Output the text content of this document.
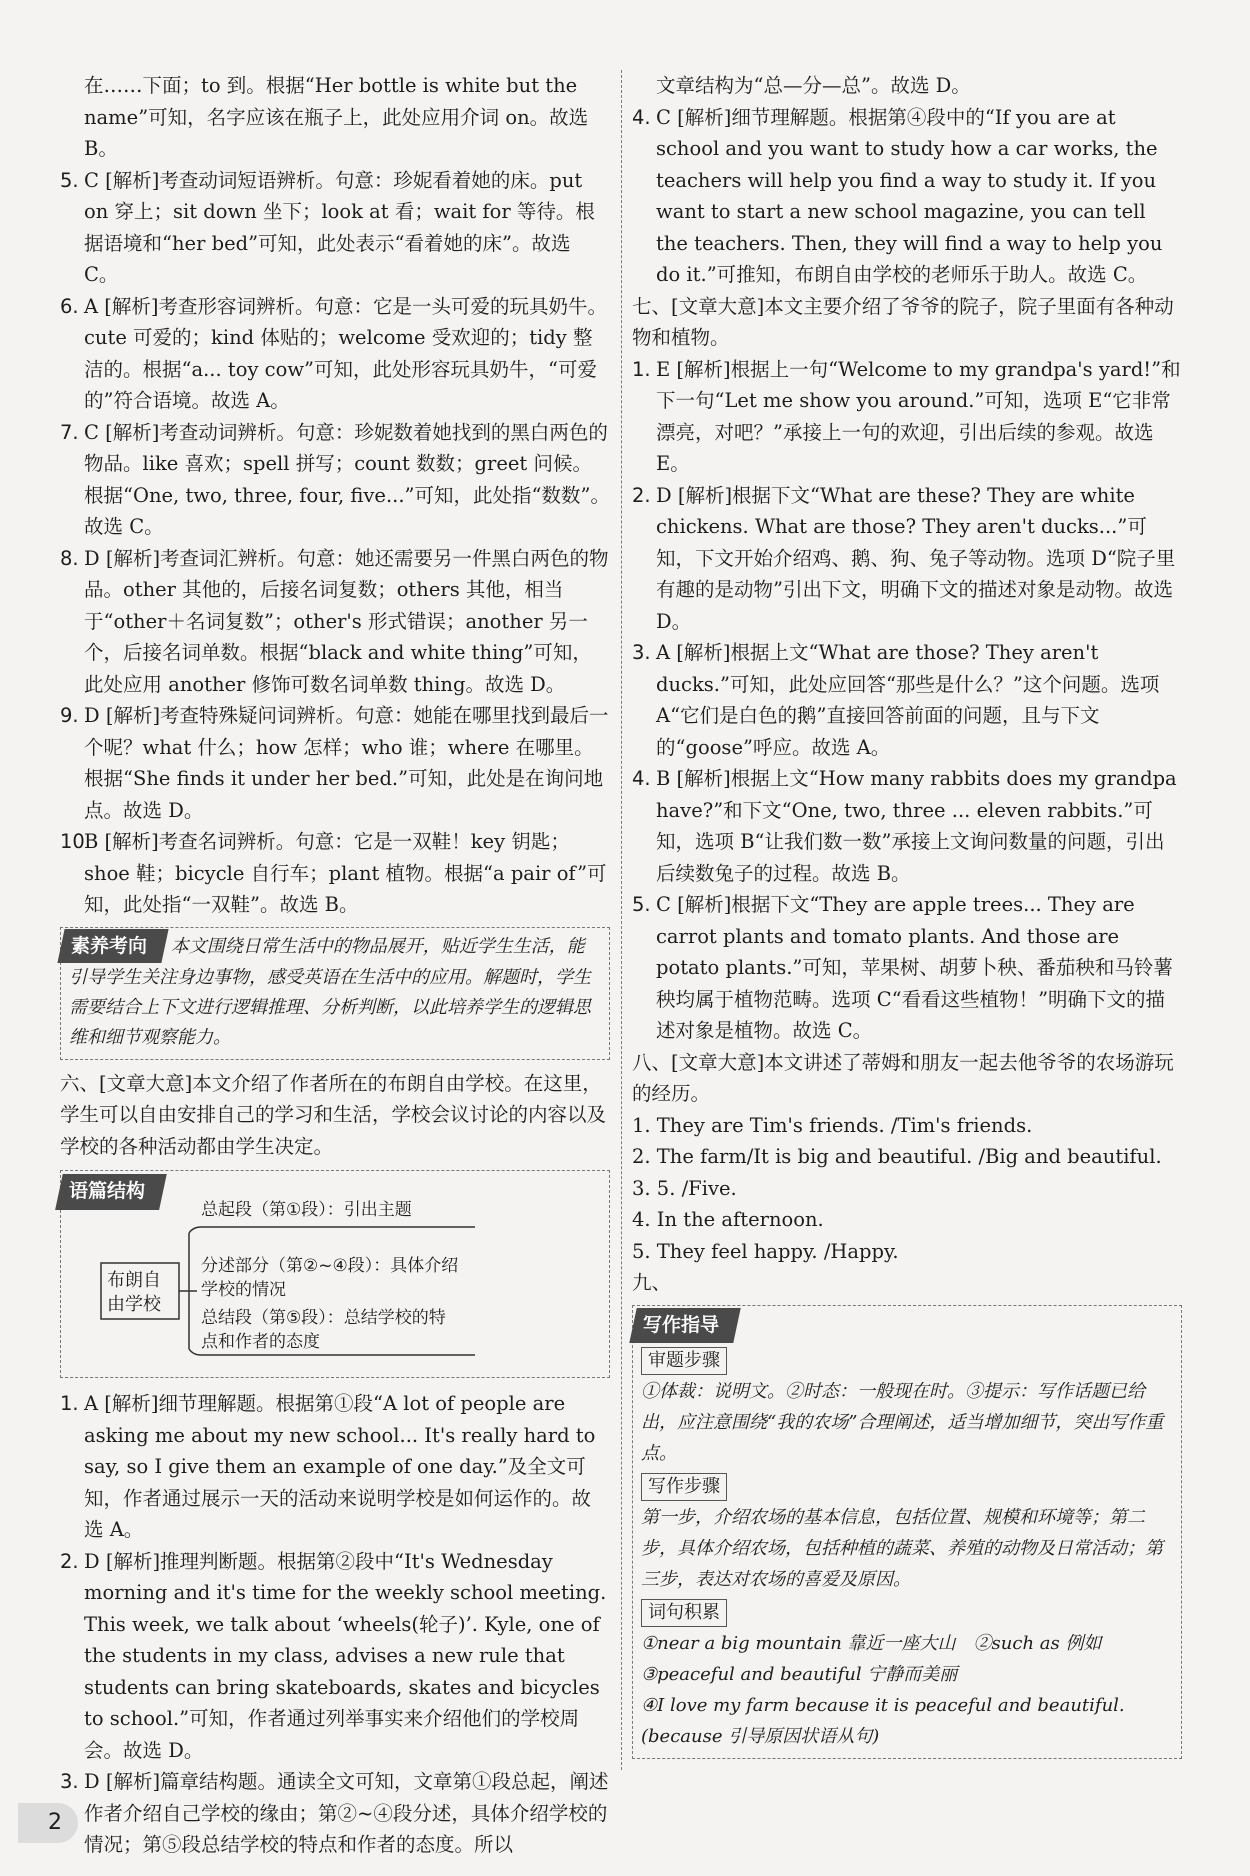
在……下面；to 到。根据“Her bottle is white but the name”可知，名字应该在瓶子上，此处应用介词 on。故选 B。

5. C [解析]考查动词短语辨析。句意：珍妮看着她的床。put on 穿上；sit down 坐下；look at 看；wait for 等待。根据语境和“her bed”可知，此处表示“看着她的床”。故选 C。
6. A [解析]考查形容词辨析。句意：它是一头可爱的玩具奶牛。cute 可爱的；kind 体贴的；welcome 受欢迎的；tidy 整洁的。根据“a... toy cow”可知，此处形容玩具奶牛，“可爱的”符合语境。故选 A。
7. C [解析]考查动词辨析。句意：珍妮数着她找到的黑白两色的物品。like 喜欢；spell 拼写；count 数数；greet 问候。根据“One, two, three, four, five...”可知，此处指“数数”。故选 C。
8. D [解析]考查词汇辨析。句意：她还需要另一件黑白两色的物品。other 其他的，后接名词复数；others 其他，相当于“other＋名词复数”；other's 形式错误；another 另一个，后接名词单数。根据“black and white thing”可知，此处应用 another 修饰可数名词单数 thing。故选 D。
9. D [解析]考查特殊疑问词辨析。句意：她能在哪里找到最后一个呢？what 什么；how 怎样；who 谁；where 在哪里。根据“She finds it under her bed.”可知，此处是在询问地点。故选 D。
10.
B [解析]考查名词辨析。句意：它是一双鞋！key 钥匙；shoe 鞋；bicycle 自行车；plant 植物。根据“a pair of”可知，此处指“一双鞋”。故选 B。
素养考向 本文围绕日常生活中的物品展开，贴近学生生活，能引导学生关注身边事物，感受英语在生活中的应用。解题时，学生需要结合上下文进行逻辑推理、分析判断，以此培养学生的逻辑思维和细节观察能力。

六、[文章大意]本文介绍了作者所在的布朗自由学校。在这里，学生可以自由安排自己的学习和生活，学校会议讨论的内容以及学校的各种活动都由学生决定。

语篇结构
布朗自
由学校
总起段（第①段）：引出主题
分述部分（第②~④段）：具体介绍
学校的情况
总结段（第⑤段）：总结学校的特
点和作者的态度
1. A [解析]细节理解题。根据第①段“A lot of people are asking me about my new school... It's really hard to say, so I give them an example of one day.”及全文可知，作者通过展示一天的活动来说明学校是如何运作的。故选 A。
2. D [解析]推理判断题。根据第②段中“It's Wednesday morning and it's time for the weekly school meeting. This week, we talk about ‘wheels(轮子)’. Kyle, one of the students in my class, advises a new rule that students can bring skateboards, skates and bicycles to school.”可知，作者通过列举事实来介绍他们的学校周会。故选 D。
3. D [解析]篇章结构题。通读全文可知，文章第①段总起，阐述作者介绍自己学校的缘由；第②~④段分述，具体介绍学校的情况；第⑤段总结学校的特点和作者的态度。所以

文章结构为“总—分—总”。故选 D。

4. C [解析]细节理解题。根据第④段中的“If you are at school and you want to study how a car works, the teachers will help you find a way to study it. If you want to start a new school magazine, you can tell the teachers. Then, they will find a way to help you do it.”可推知，布朗自由学校的老师乐于助人。故选 C。

七、[文章大意]本文主要介绍了爷爷的院子，院子里面有各种动物和植物。

1. E [解析]根据上一句“Welcome to my grandpa's yard!”和下一句“Let me show you around.”可知，选项 E“它非常漂亮，对吧？”承接上一句的欢迎，引出后续的参观。故选 E。
2. D [解析]根据下文“What are these? They are white chickens. What are those? They aren't ducks...”可知，下文开始介绍鸡、鹅、狗、兔子等动物。选项 D“院子里有趣的是动物”引出下文，明确下文的描述对象是动物。故选 D。
3. A [解析]根据上文“What are those? They aren't ducks.”可知，此处应回答“那些是什么？”这个问题。选项 A“它们是白色的鹅”直接回答前面的问题，且与下文的“goose”呼应。故选 A。
4. B [解析]根据上文“How many rabbits does my grandpa have?”和下文“One, two, three ... eleven rabbits.”可知，选项 B“让我们数一数”承接上文询问数量的问题，引出后续数兔子的过程。故选 B。
5. C [解析]根据下文“They are apple trees... They are carrot plants and tomato plants. And those are potato plants.”可知，苹果树、胡萝卜秧、番茄秧和马铃薯秧均属于植物范畴。选项 C“看看这些植物！”明确下文的描述对象是植物。故选 C。

八、[文章大意]本文讲述了蒂姆和朋友一起去他爷爷的农场游玩的经历。

1. They are Tim's friends. /Tim's friends.

2. The farm/It is big and beautiful. /Big and beautiful.

3. 5. /Five.

4. In the afternoon.

5. They feel happy. /Happy.

九、

写作指导
审题步骤
①体裁：说明文。②时态：一般现在时。③提示：写作话题已给出，应注意围绕“我的农场”合理阐述，适当增加细节，突出写作重点。
写作步骤
第一步，介绍农场的基本信息，包括位置、规模和环境等；第二步，具体介绍农场，包括种植的蔬菜、养殖的动物及日常活动；第三步，表达对农场的喜爱及原因。
词句积累
①near a big mountain 靠近一座大山　②such as 例如
③peaceful and beautiful 宁静而美丽
④I love my farm because it is peaceful and beautiful. (because 引导原因状语从句)
2
